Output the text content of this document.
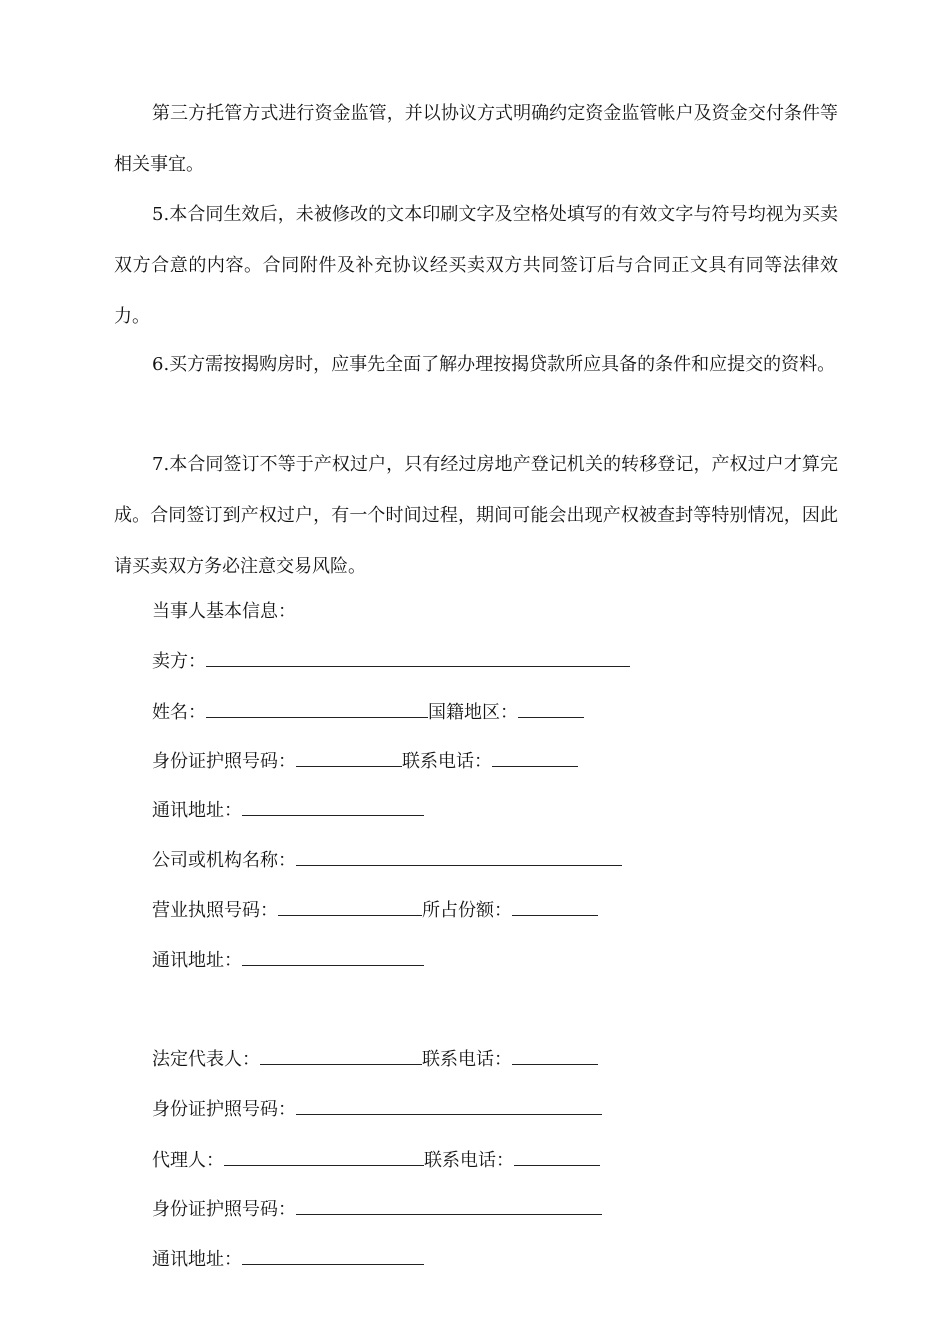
第三方托管方式进行资金监管，并以协议方式明确约定资金监管帐户及资金交付条件等相关事宜。

5.本合同生效后，未被修改的文本印刷文字及空格处填写的有效文字与符号均视为买卖双方合意的内容。合同附件及补充协议经买卖双方共同签订后与合同正文具有同等法律效力。

6.买方需按揭购房时，应事先全面了解办理按揭贷款所应具备的条件和应提交的资料。

7.本合同签订不等于产权过户，只有经过房地产登记机关的转移登记，产权过户才算完成。合同签订到产权过户，有一个时间过程，期间可能会出现产权被查封等特别情况，因此请买卖双方务必注意交易风险。

当事人基本信息：
卖方：
姓名：	国籍地区：
身份证护照号码：	联系电话：
通讯地址：
公司或机构名称：
营业执照号码：	所占份额：
通讯地址：
法定代表人：	联系电话：
身份证护照号码：
代理人：	联系电话：
身份证护照号码：
通讯地址：
